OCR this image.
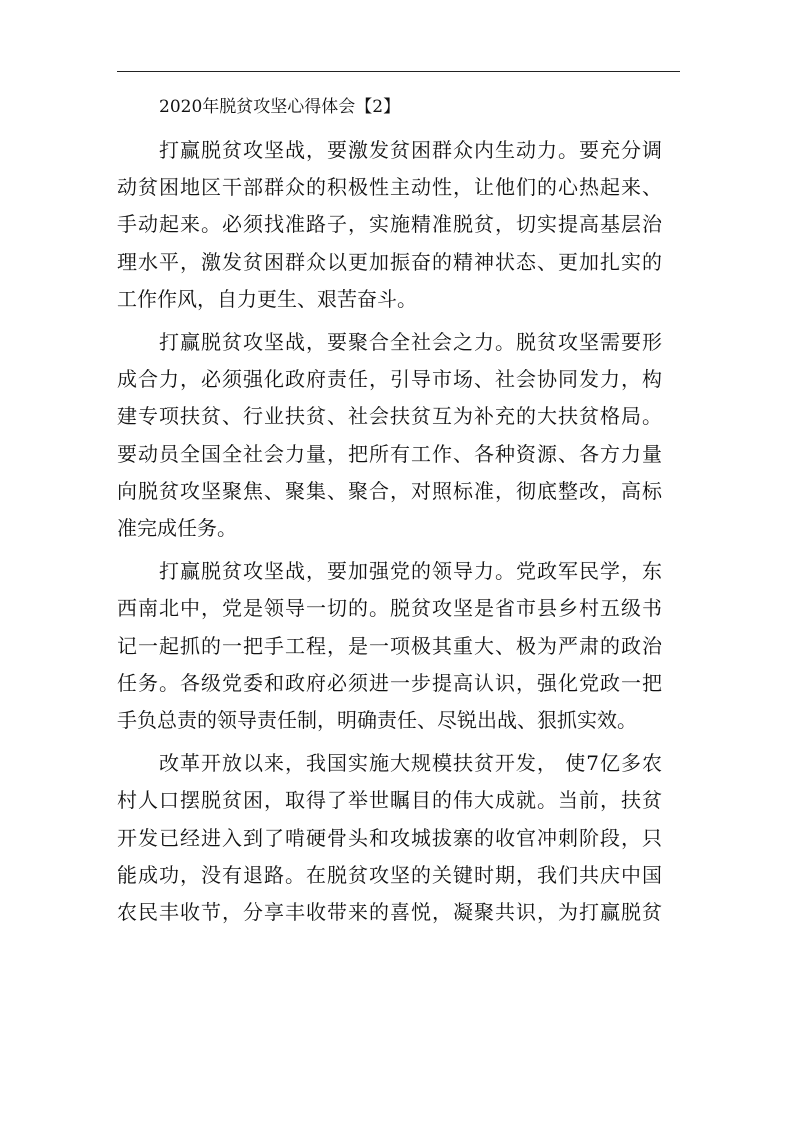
2020年脱贫攻坚心得体会【2】

打赢脱贫攻坚战，要激发贫困群众内生动力。要充分调
动贫困地区干部群众的积极性主动性，让他们的心热起来、
手动起来。必须找准路子，实施精准脱贫，切实提高基层治
理水平，激发贫困群众以更加振奋的精神状态、更加扎实的
工作作风，自力更生、艰苦奋斗。

打赢脱贫攻坚战，要聚合全社会之力。脱贫攻坚需要形
成合力，必须强化政府责任，引导市场、社会协同发力，构
建专项扶贫、行业扶贫、社会扶贫互为补充的大扶贫格局。
要动员全国全社会力量，把所有工作、各种资源、各方力量
向脱贫攻坚聚焦、聚集、聚合，对照标准，彻底整改，高标
准完成任务。

打赢脱贫攻坚战，要加强党的领导力。党政军民学，东
西南北中，党是领导一切的。脱贫攻坚是省市县乡村五级书
记一起抓的一把手工程，是一项极其重大、极为严肃的政治
任务。各级党委和政府必须进一步提高认识，强化党政一把
手负总责的领导责任制，明确责任、尽锐出战、狠抓实效。

改革开放以来，我国实施大规模扶贫开发， 使7亿多农
村人口摆脱贫困，取得了举世瞩目的伟大成就。当前，扶贫
开发已经进入到了啃硬骨头和攻城拔寨的收官冲刺阶段，只
能成功，没有退路。在脱贫攻坚的关键时期，我们共庆中国
农民丰收节，分享丰收带来的喜悦，凝聚共识，为打赢脱贫
